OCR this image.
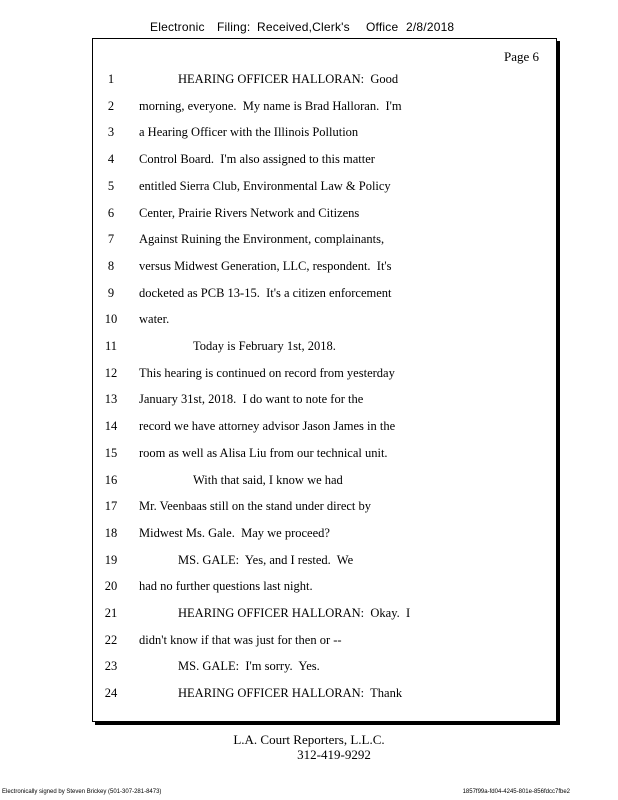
Electronic Filing: Received,Clerk's Office 2/8/2018
Page 6
1	HEARING OFFICER HALLORAN:  Good
2	morning, everyone.  My name is Brad Halloran.  I'm
3	a Hearing Officer with the Illinois Pollution
4	Control Board.  I'm also assigned to this matter
5	entitled Sierra Club, Environmental Law & Policy
6	Center, Prairie Rivers Network and Citizens
7	Against Ruining the Environment, complainants,
8	versus Midwest Generation, LLC, respondent.  It's
9	docketed as PCB 13-15.  It's a citizen enforcement
10	water.
11	Today is February 1st, 2018.
12	This hearing is continued on record from yesterday
13	January 31st, 2018.  I do want to note for the
14	record we have attorney advisor Jason James in the
15	room as well as Alisa Liu from our technical unit.
16	With that said, I know we had
17	Mr. Veenbaas still on the stand under direct by
18	Midwest Ms. Gale.  May we proceed?
19	MS. GALE:  Yes, and I rested.  We
20	had no further questions last night.
21	HEARING OFFICER HALLORAN:  Okay.  I
22	didn't know if that was just for then or --
23	MS. GALE:  I'm sorry.  Yes.
24	HEARING OFFICER HALLORAN:  Thank
L.A. Court Reporters, L.L.C.
312-419-9292
Electronically signed by Steven Brickey (501-307-281-8473)	1857f99a-fd04-4245-801e-856fdcc7fbe2
